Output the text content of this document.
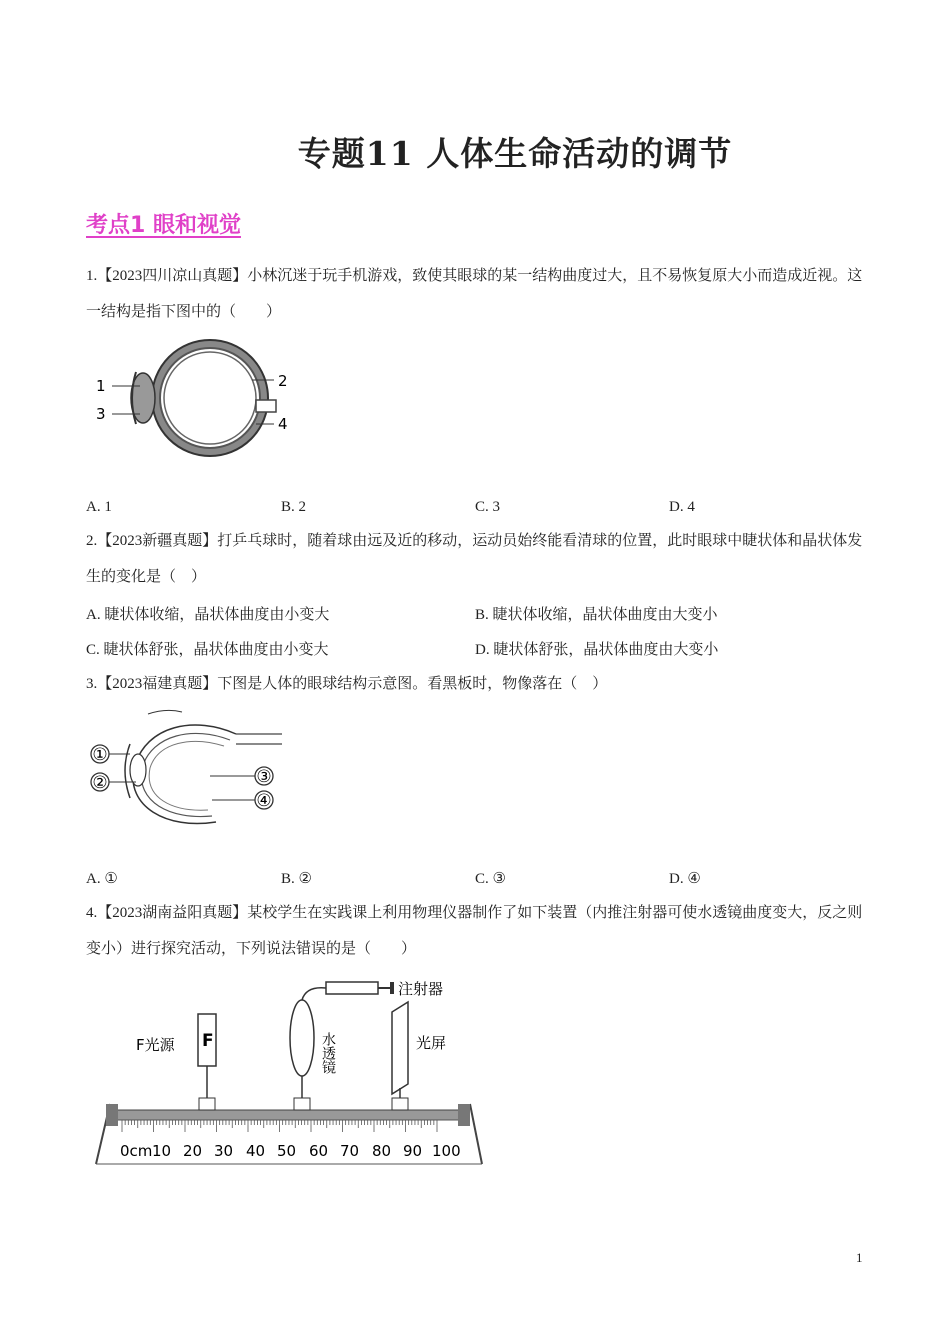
专题11 人体生命活动的调节
考点1 眼和视觉
1.【2023四川凉山真题】小林沉迷于玩手机游戏，致使其眼球的某一结构曲度过大，且不易恢复原大小而造成近视。这一结构是指下图中的（　　）
1	2
3
4
A. 1	B. 2	C. 3	D. 4
2.【2023新疆真题】打乒乓球时，随着球由远及近的移动，运动员始终能看清球的位置，此时眼球中睫状体和晶状体发生的变化是（　）
A. 睫状体收缩，晶状体曲度由小变大	B. 睫状体收缩，晶状体曲度由大变小
C. 睫状体舒张，晶状体曲度由小变大	D. 睫状体舒张，晶状体曲度由大变小
3.【2023福建真题】下图是人体的眼球结构示意图。看黑板时，物像落在（　）
①
②	③
④
A. ①	B. ②	C. ③	D. ④
4.【2023湖南益阳真题】某校学生在实践课上利用物理仪器制作了如下装置（内推注射器可使水透镜曲度变大，反之则变小）进行探究活动，下列说法错误的是（　　）
F
F光源	水透镜
注射器
光屏
0cm 10 20 30 40 50 60 70 80 90 100
1
